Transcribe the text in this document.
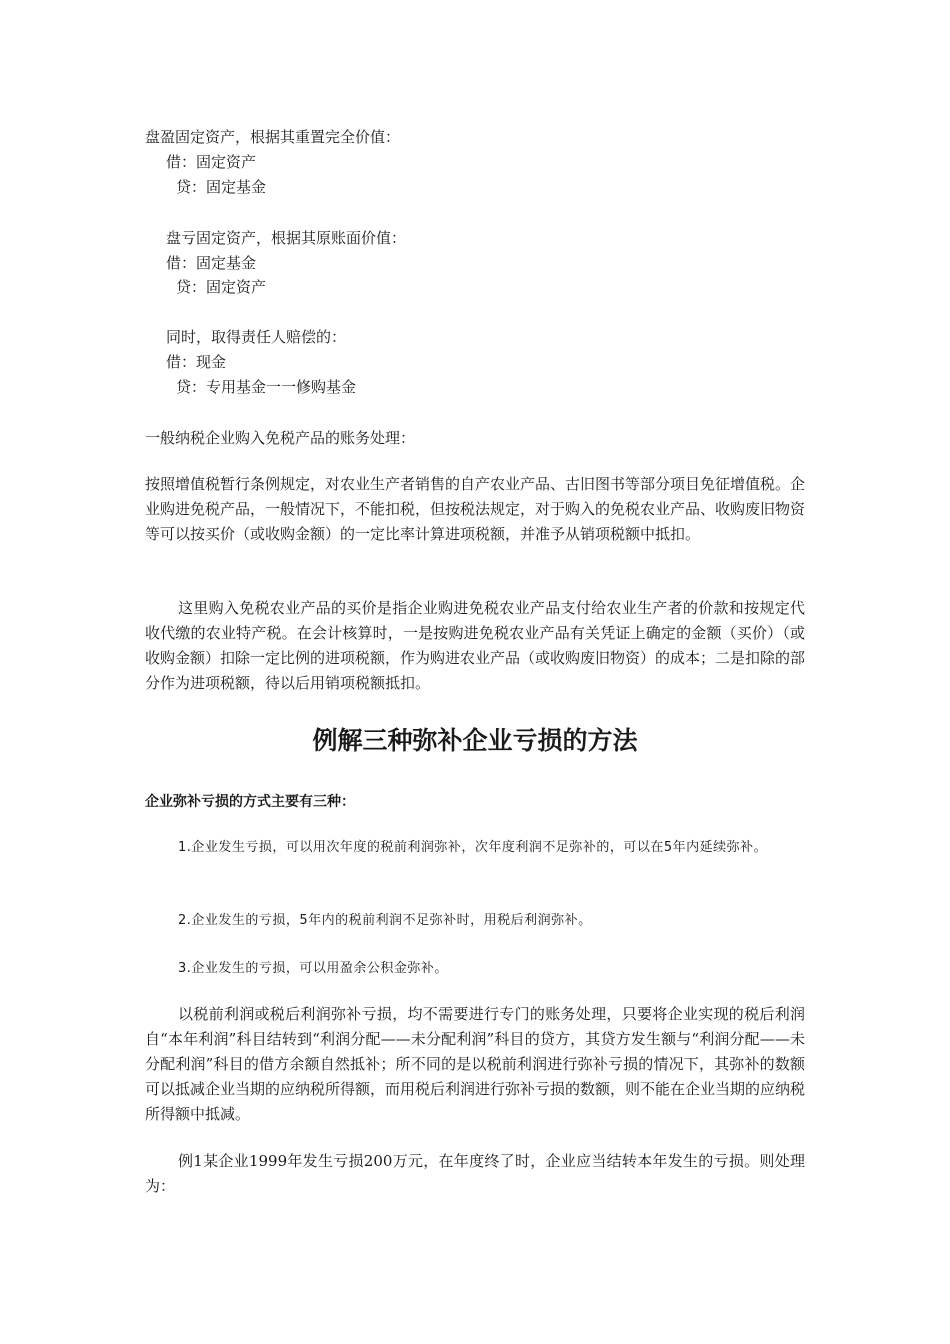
盘盈固定资产，根据其重置完全价值：

借：固定资产

贷：固定基金

盘亏固定资产，根据其原账面价值：

借：固定基金

贷：固定资产

同时，取得责任人赔偿的：

借：现金

贷：专用基金一一修购基金

一般纳税企业购入免税产品的账务处理：

按照增值税暂行条例规定，对农业生产者销售的自产农业产品、古旧图书等部分项目免征增值税。企业购进免税产品，一般情况下，不能扣税，但按税法规定，对于购入的免税农业产品、收购废旧物资等可以按买价（或收购金额）的一定比率计算进项税额，并准予从销项税额中抵扣。

这里购入免税农业产品的买价是指企业购进免税农业产品支付给农业生产者的价款和按规定代收代缴的农业特产税。在会计核算时，一是按购进免税农业产品有关凭证上确定的金额（买价）（或收购金额）扣除一定比例的进项税额，作为购进农业产品（或收购废旧物资）的成本；二是扣除的部分作为进项税额，待以后用销项税额抵扣。

例解三种弥补企业亏损的方法

企业弥补亏损的方式主要有三种：

1.企业发生亏损，可以用次年度的税前利润弥补，次年度利润不足弥补的，可以在5年内延续弥补。

2.企业发生的亏损，5年内的税前利润不足弥补时，用税后利润弥补。

3.企业发生的亏损，可以用盈余公积金弥补。

以税前利润或税后利润弥补亏损，均不需要进行专门的账务处理，只要将企业实现的税后利润自“本年利润”科目结转到“利润分配——未分配利润”科目的贷方，其贷方发生额与“利润分配——未分配利润”科目的借方余额自然抵补；所不同的是以税前利润进行弥补亏损的情况下，其弥补的数额可以抵减企业当期的应纳税所得额，而用税后利润进行弥补亏损的数额，则不能在企业当期的应纳税所得额中抵减。

例1某企业1999年发生亏损200万元，在年度终了时，企业应当结转本年发生的亏损。则处理为：
